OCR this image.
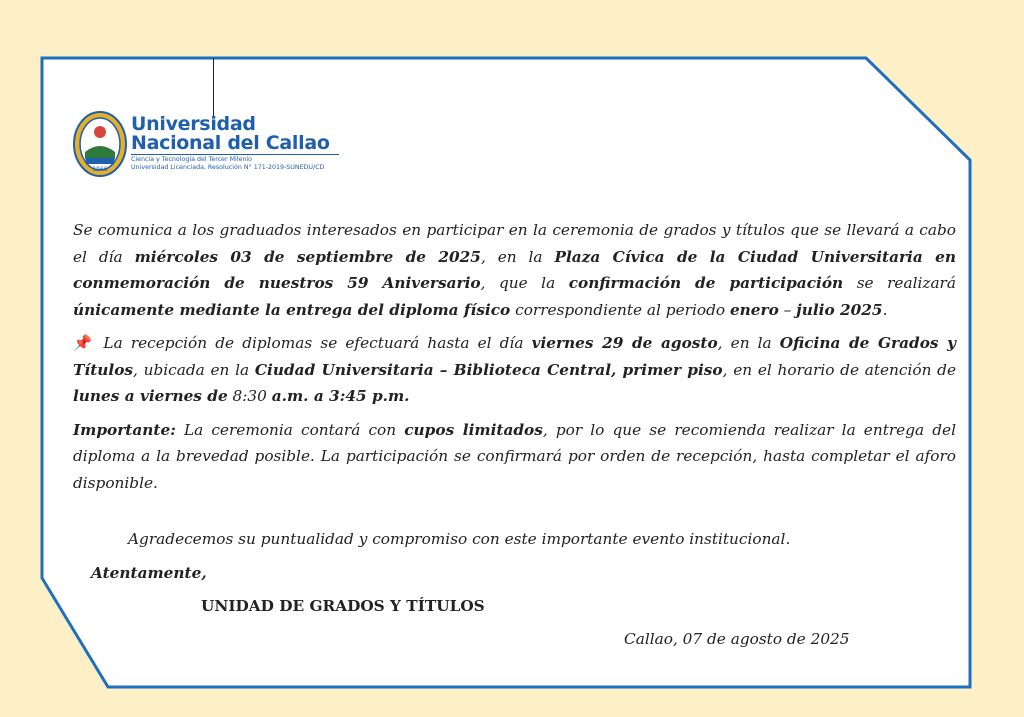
1966
Universidad
Nacional del Callao
Ciencia y Tecnología del Tercer Milenio
Universidad Licenciada, Resolución N° 171-2019-SUNEDU/CD

Se comunica a los graduados interesados en participar en la ceremonia de grados y títulos que se llevará a cabo el día miércoles 03 de septiembre de 2025, en la Plaza Cívica de la Ciudad Universitaria en conmemoración de nuestros 59 Aniversario, que la confirmación de participación se realizará únicamente mediante la entrega del diploma físico correspondiente al periodo enero – julio 2025.

📌 La recepción de diplomas se efectuará hasta el día viernes 29 de agosto, en la Oficina de Grados y Títulos, ubicada en la Ciudad Universitaria – Biblioteca Central, primer piso, en el horario de atención de lunes a viernes de 8:30 a.m. a 3:45 p.m.

Importante: La ceremonia contará con cupos limitados, por lo que se recomienda realizar la entrega del diploma a la brevedad posible. La participación se confirmará por orden de recepción, hasta completar el aforo disponible.

Agradecemos su puntualidad y compromiso con este importante evento institucional.
Atentamente,
UNIDAD DE GRADOS Y TÍTULOS
Callao, 07 de agosto de 2025
